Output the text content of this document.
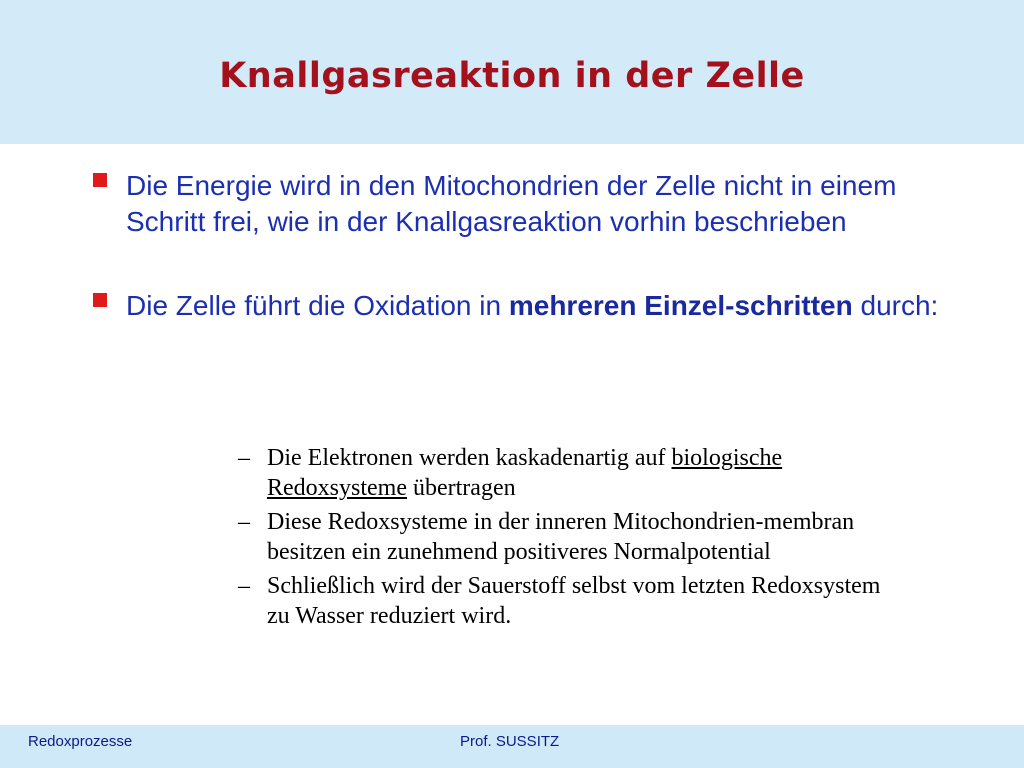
Knallgasreaktion in der Zelle
Die Energie wird in den Mitochondrien der Zelle nicht in einem Schritt frei, wie in der Knallgasreaktion vorhin beschrieben
Die Zelle führt die Oxidation in mehreren Einzel-schritten durch:
– Die Elektronen werden kaskadenartig auf biologische Redoxsysteme übertragen
– Diese Redoxsysteme in der inneren Mitochondrien-membran besitzen ein zunehmend positiveres Normalpotential
– Schließlich wird der Sauerstoff selbst vom letzten Redoxsystem zu Wasser reduziert wird.
Redoxprozesse	Prof. SUSSITZ
